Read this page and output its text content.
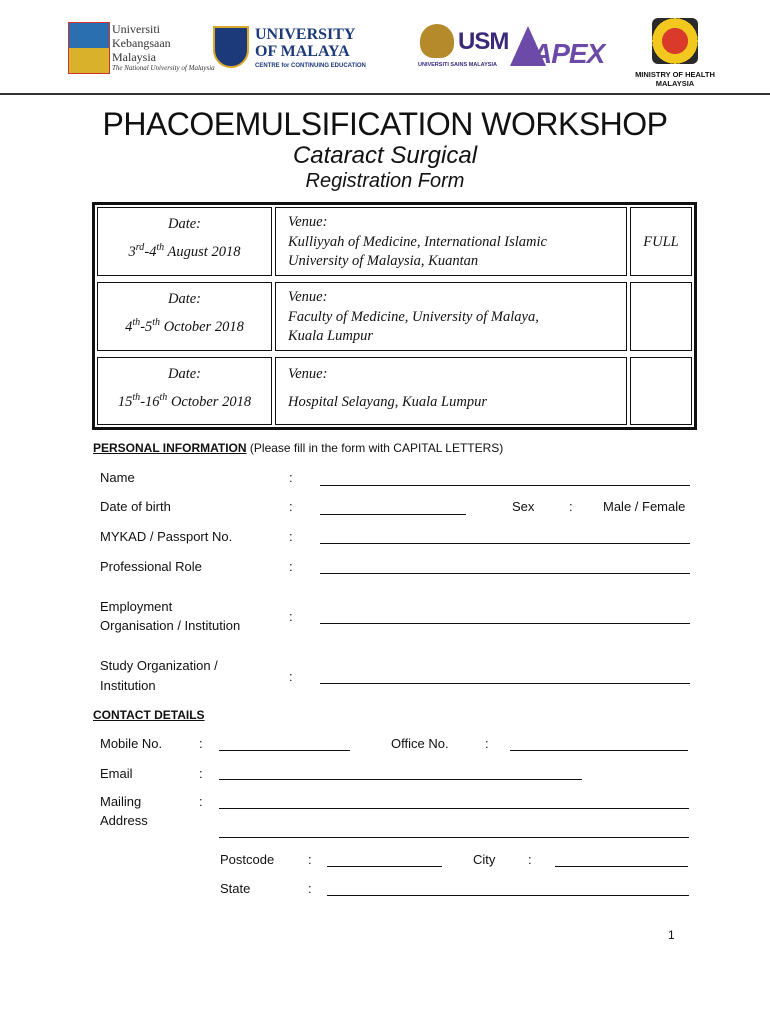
Universiti
Kebangsaan
Malaysia
The National University of Malaysia
UNIVERSITY
OF MALAYA
CENTRE for CONTINUING EDUCATION
USM
UNIVERSITI SAINS MALAYSIA APEX
MINISTRY OF HEALTH
MALAYSIA
PHACOEMULSIFICATION WORKSHOP
Cataract Surgical
Registration Form
Date:
3rd-4th August 2018
Venue:
Kulliyyah of Medicine, International Islamic
University of Malaysia, Kuantan
FULL
Date:
4th-5th October 2018
Venue:
Faculty of Medicine, University of Malaya,
Kuala Lumpur
Date:
15th-16th October 2018
Venue:
Hospital Selayang, Kuala Lumpur
PERSONAL INFORMATION (Please fill in the form with CAPITAL LETTERS)
Name	:
Date of birth	:	Sex	: Male / Female
MYKAD / Passport No.	:
Professional Role	:
Employment
Organisation / Institution
:
Study Organization /
Institution
:
CONTACT DETAILS
Mobile No.	:	Office No.	:
Email	:
Mailing
Address
:
Postcode	:	City	:
State	:
1
